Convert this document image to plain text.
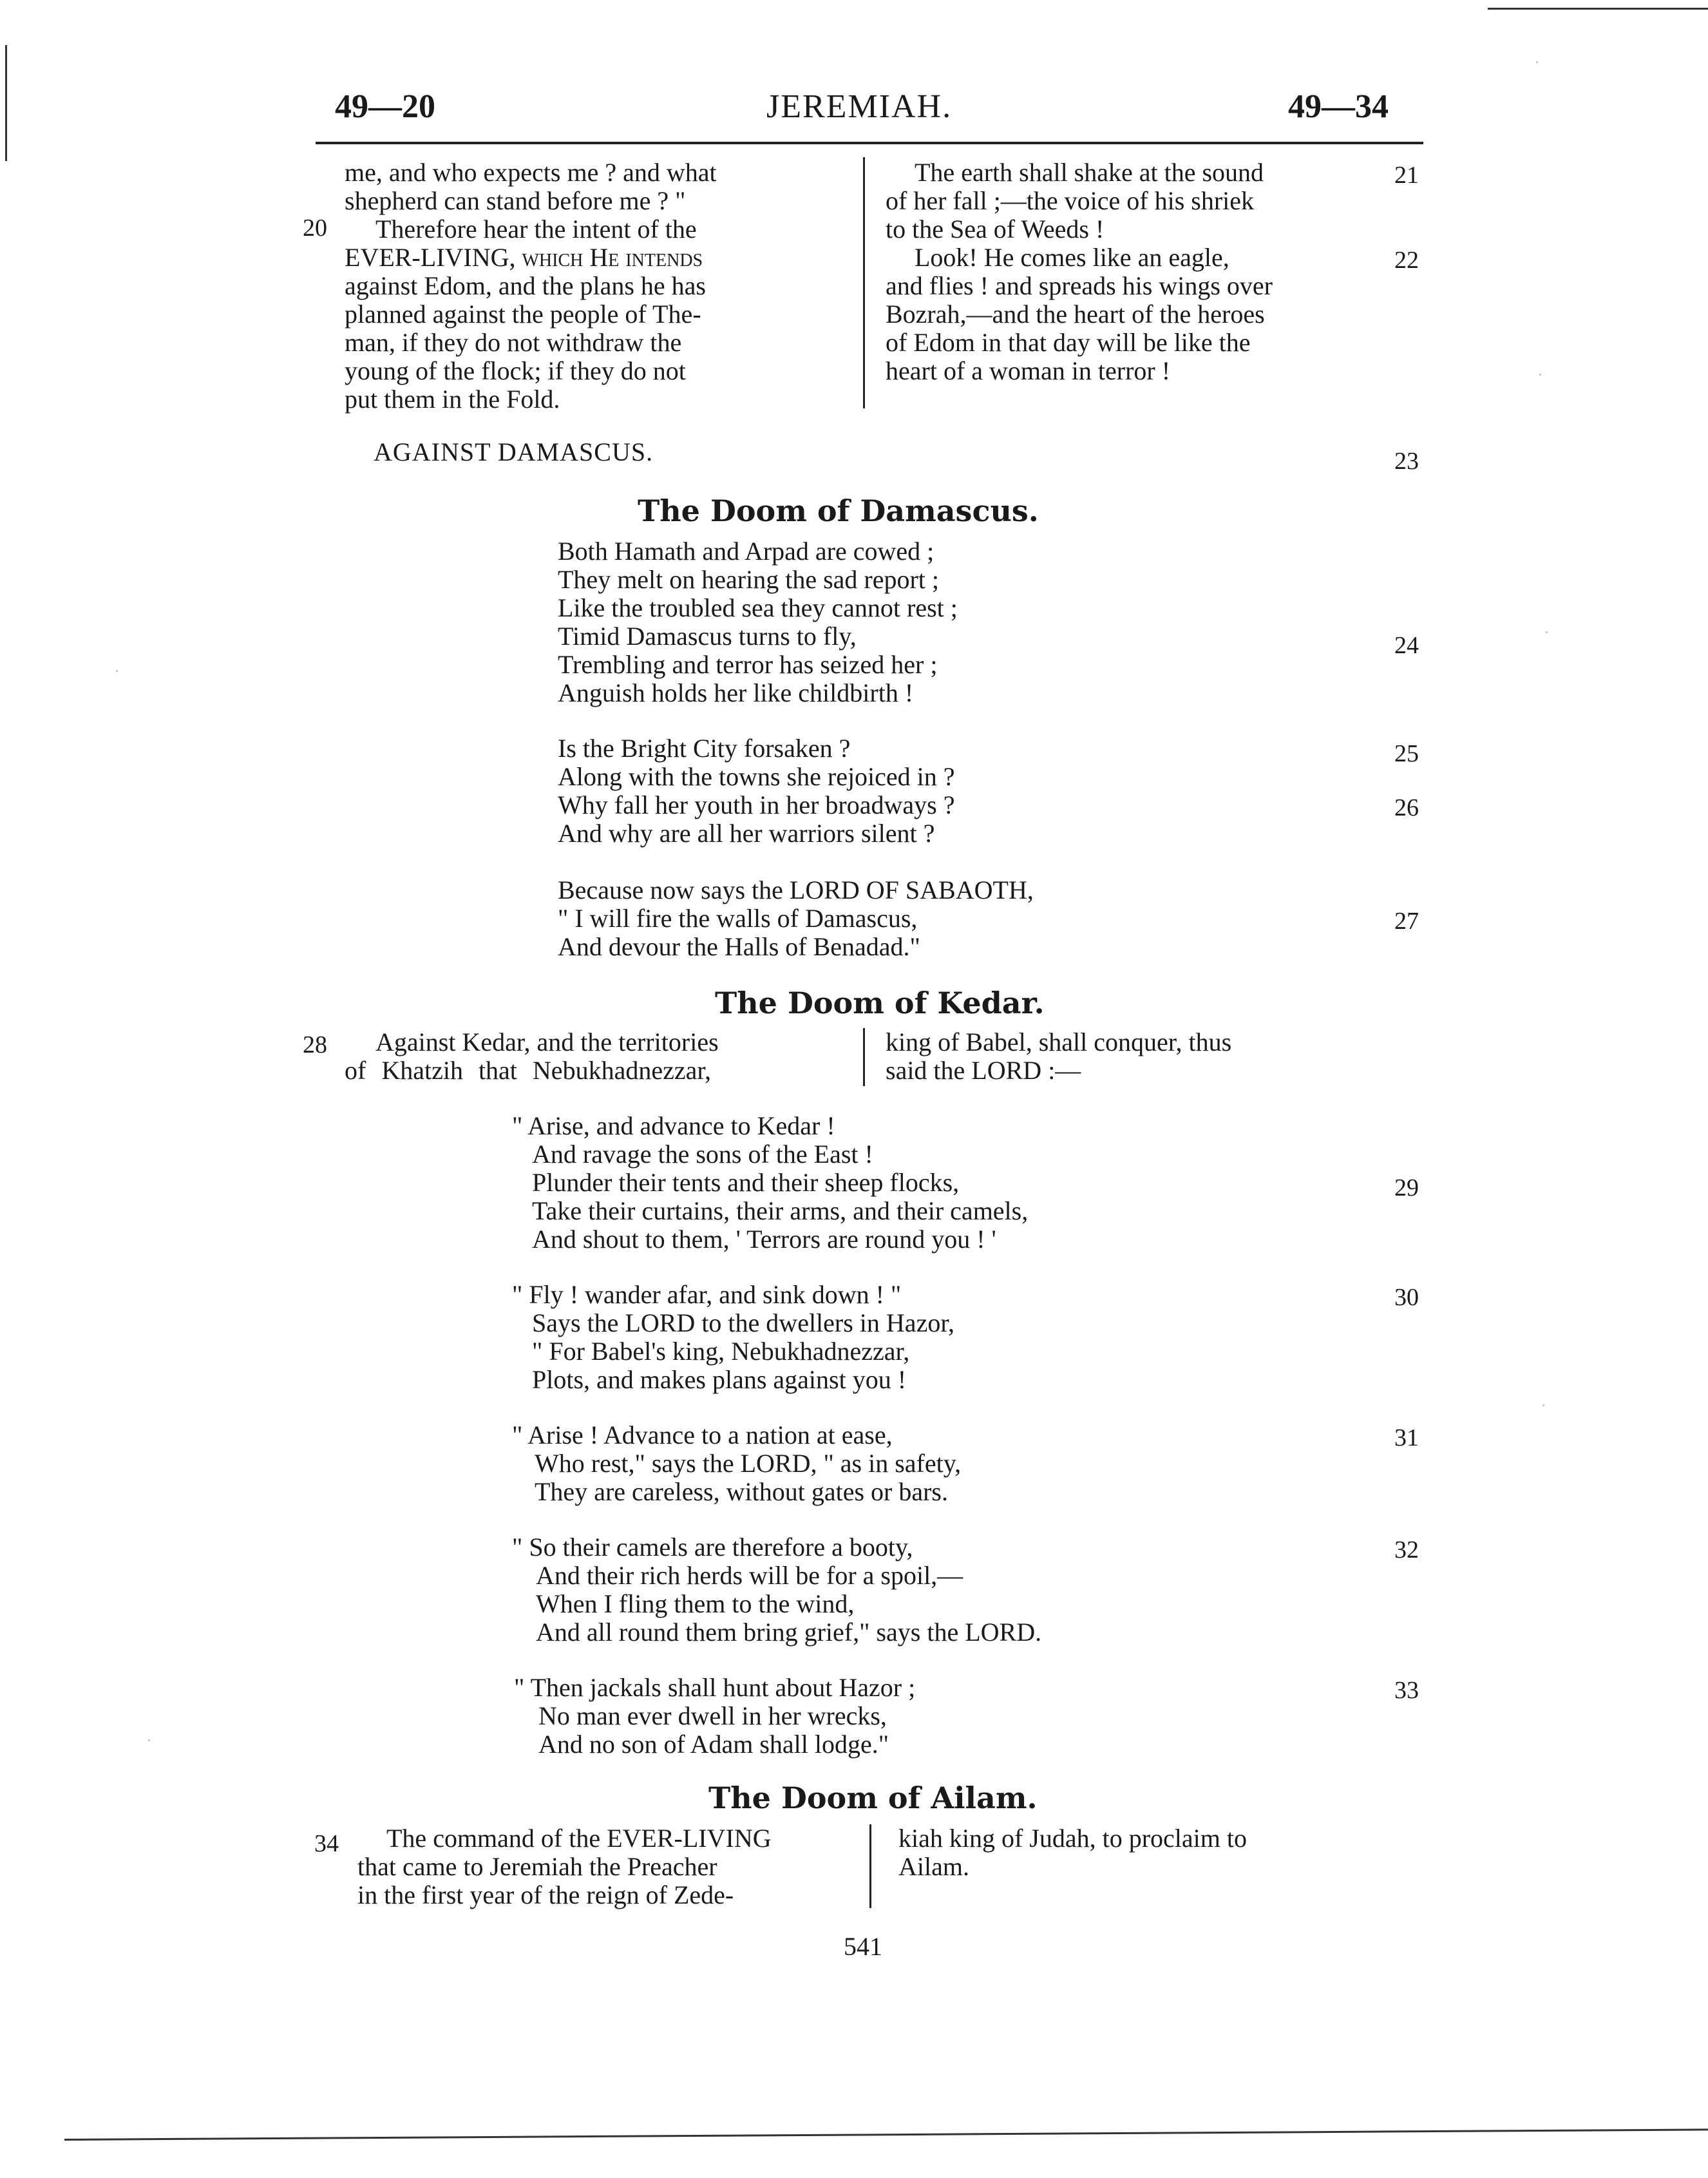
49—20	JEREMIAH.	49—34
20
me, and who expects me ? and what
shepherd can stand before me ? "
Therefore hear the intent of the
EVER-LIVING, which He intends
against Edom, and the plans he has
planned against the people of The-
man, if they do not withdraw the
young of the flock; if they do not
put them in the Fold.
The earth shall shake at the sound
of her fall ;—the voice of his shriek
to the Sea of Weeds !
Look! He comes like an eagle,
and flies ! and spreads his wings over
Bozrah,—and the heart of the heroes
of Edom in that day will be like the
heart of a woman in terror !
21
22
AGAINST DAMASCUS.	23
The Doom of Damascus.
Both Hamath and Arpad are cowed ;
They melt on hearing the sad report ;
Like the troubled sea they cannot rest ;
Timid Damascus turns to fly,
Trembling and terror has seized her ;
Anguish holds her like childbirth !
Is the Bright City forsaken ?
Along with the towns she rejoiced in ?
Why fall her youth in her broadways ?
And why are all her warriors silent ?
Because now says the LORD OF SABAOTH,
" I will fire the walls of Damascus,
And devour the Halls of Benadad."
24
25
26
27
The Doom of Kedar.
28 Against Kedar, and the territories
of Khatzih that Nebukhadnezzar,
king of Babel, shall conquer, thus
said the LORD :—
" Arise, and advance to Kedar !
And ravage the sons of the East !
Plunder their tents and their sheep flocks,
Take their curtains, their arms, and their camels,
And shout to them, ' Terrors are round you ! '
" Fly ! wander afar, and sink down ! "
Says the LORD to the dwellers in Hazor,
" For Babel's king, Nebukhadnezzar,
Plots, and makes plans against you !
" Arise ! Advance to a nation at ease,
Who rest," says the LORD, " as in safety,
They are careless, without gates or bars.
" So their camels are therefore a booty,
And their rich herds will be for a spoil,—
When I fling them to the wind,
And all round them bring grief," says the LORD.
" Then jackals shall hunt about Hazor ;
No man ever dwell in her wrecks,
And no son of Adam shall lodge."
29
30
31
32
33
The Doom of Ailam.
34 The command of the EVER-LIVING
that came to Jeremiah the Preacher
in the first year of the reign of Zede-
kiah king of Judah, to proclaim to
Ailam.
541
